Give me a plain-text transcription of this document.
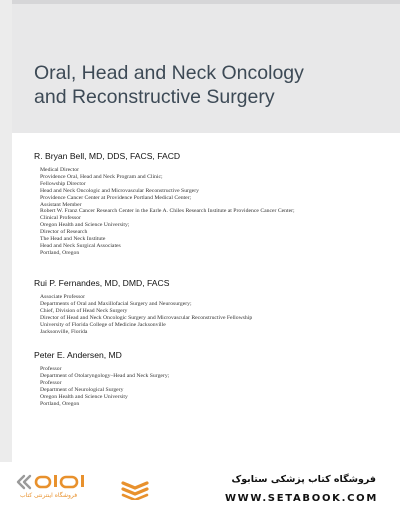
Oral, Head and Neck Oncology
and Reconstructive Surgery

R. Bryan Bell, MD, DDS, FACS, FACD

Medical Director
Providence Oral, Head and Neck Program and Clinic;
Fellowship Director
Head and Neck Oncologic and Microvascular Reconstructive Surgery
Providence Cancer Center at Providence Portland Medical Center;
Assistant Member
Robert W. Franz Cancer Research Center in the Earle A. Chiles Research Institute at Providence Cancer Center;
Clinical Professor
Oregon Health and Science University;
Director of Research
The Head and Neck Institute
Head and Neck Surgical Associates
Portland, Oregon

Rui P. Fernandes, MD, DMD, FACS

Associate Professor
Departments of Oral and Maxillofacial Surgery and Neurosurgery;
Chief, Division of Head Neck Surgery
Director of Head and Neck Oncologic Surgery and Microvascular Reconstructive Fellowship
University of Florida College of Medicine Jacksonville
Jacksonville, Florida

Peter E. Andersen, MD

Professor
Department of Otolaryngology–Head and Neck Surgery;
Professor
Department of Neurological Surgery
Oregon Health and Science University
Portland, Oregon
فروشگاه اینترنتی کتاب
فروشگاه کتاب پزشکی ستابوک
WWW.SETABOOK.COM
